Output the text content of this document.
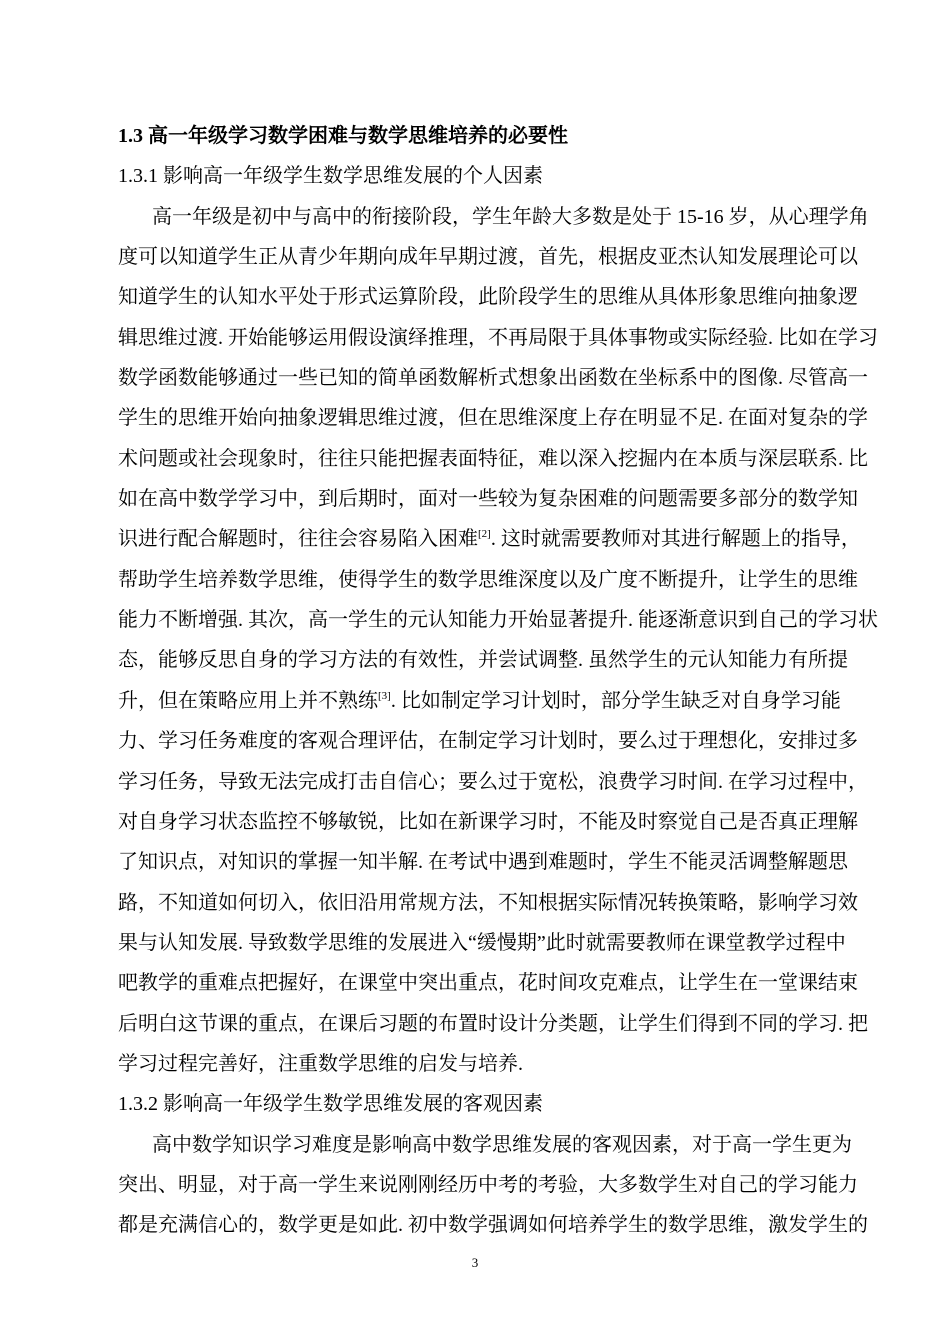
1.3 高一年级学习数学困难与数学思维培养的必要性
1.3.1 影响高一年级学生数学思维发展的个人因素
高一年级是初中与高中的衔接阶段，学生年龄大多数是处于 15-16 岁，从心理学角
度可以知道学生正从青少年期向成年早期过渡，首先，根据皮亚杰认知发展理论可以
知道学生的认知水平处于形式运算阶段，此阶段学生的思维从具体形象思维向抽象逻
辑思维过渡. 开始能够运用假设演绎推理，不再局限于具体事物或实际经验. 比如在学习
数学函数能够通过一些已知的简单函数解析式想象出函数在坐标系中的图像. 尽管高一
学生的思维开始向抽象逻辑思维过渡，但在思维深度上存在明显不足. 在面对复杂的学
术问题或社会现象时，往往只能把握表面特征，难以深入挖掘内在本质与深层联系. 比
如在高中数学学习中，到后期时，面对一些较为复杂困难的问题需要多部分的数学知
识进行配合解题时，往往会容易陷入困难[2]. 这时就需要教师对其进行解题上的指导，
帮助学生培养数学思维，使得学生的数学思维深度以及广度不断提升，让学生的思维
能力不断增强. 其次，高一学生的元认知能力开始显著提升. 能逐渐意识到自己的学习状
态，能够反思自身的学习方法的有效性，并尝试调整. 虽然学生的元认知能力有所提
升，但在策略应用上并不熟练[3]. 比如制定学习计划时，部分学生缺乏对自身学习能
力、学习任务难度的客观合理评估，在制定学习计划时，要么过于理想化，安排过多
学习任务，导致无法完成打击自信心；要么过于宽松，浪费学习时间. 在学习过程中，
对自身学习状态监控不够敏锐，比如在新课学习时，不能及时察觉自己是否真正理解
了知识点，对知识的掌握一知半解. 在考试中遇到难题时，学生不能灵活调整解题思
路，不知道如何切入，依旧沿用常规方法，不知根据实际情况转换策略，影响学习效
果与认知发展. 导致数学思维的发展进入“缓慢期”此时就需要教师在课堂教学过程中
吧教学的重难点把握好，在课堂中突出重点，花时间攻克难点，让学生在一堂课结束
后明白这节课的重点，在课后习题的布置时设计分类题，让学生们得到不同的学习. 把
学习过程完善好，注重数学思维的启发与培养.
1.3.2 影响高一年级学生数学思维发展的客观因素
高中数学知识学习难度是影响高中数学思维发展的客观因素，对于高一学生更为
突出、明显，对于高一学生来说刚刚经历中考的考验，大多数学生对自己的学习能力
都是充满信心的，数学更是如此. 初中数学强调如何培养学生的数学思维，激发学生的
3
